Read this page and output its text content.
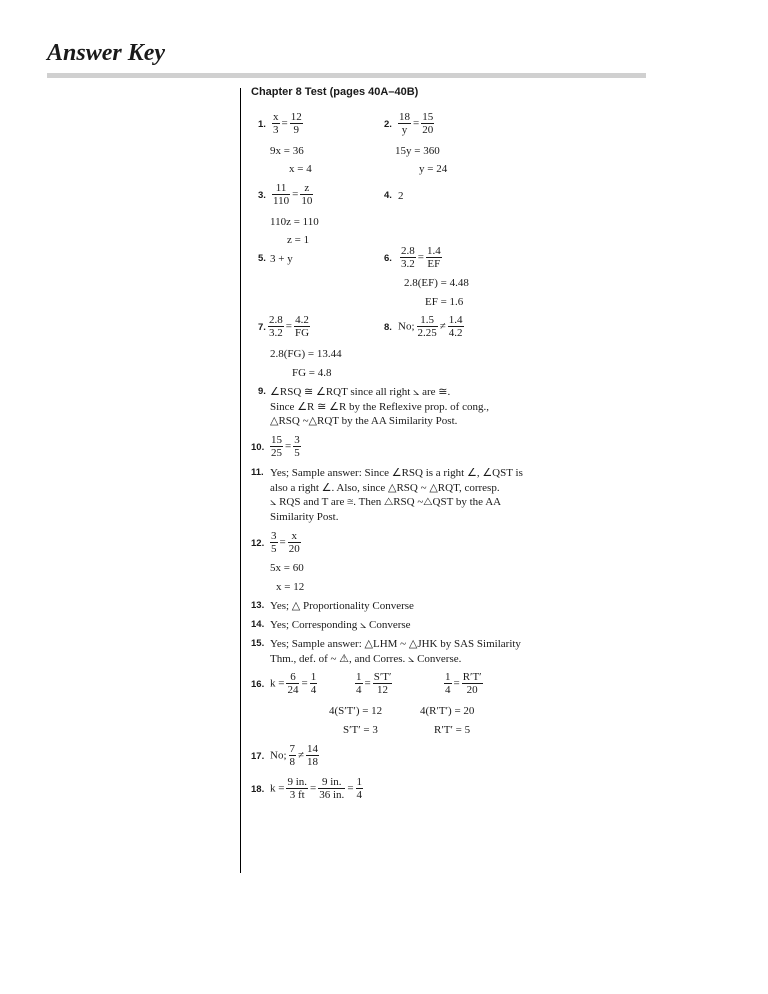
Answer Key
Chapter 8 Test (pages 40A–40B)
1. $\frac{x}{3} = \frac{12}{9}$
9x = 36
x = 4
2. $\frac{18}{y} = \frac{15}{20}$
15y = 360
y = 24
3. $\frac{11}{110} = \frac{z}{10}$
110z = 110
z = 1
4. 2
5. 3 + y	6. $\frac{2.8}{3.2} = \frac{1.4}{EF}$
2.8(EF) = 4.48
EF = 1.6
7. $\frac{2.8}{3.2} = \frac{4.2}{FG}$
2.8(FG) = 13.44
FG = 4.8
8. No; $\frac{1.5}{2.25} \ne \frac{1.4}{4.2}$
9. ∠RSQ ≅ ∠RQT since all right ⦣ are ≅.
Since ∠R ≅ ∠R by the Reflexive prop. of cong.,
△RSQ ~△RQT by the AA Similarity Post.
10. $\frac{15}{25} = \frac{3}{5}$
11. Yes; Sample answer: Since ∠RSQ is a right ∠, ∠QST is
also a right ∠. Also, since △RSQ ~ △RQT, corresp.
⦣ RQS and T are ≅. Then △RSQ ~△QST by the AA
Similarity Post.
12. $\frac{3}{5} = \frac{x}{20}$
5x = 60
x = 12
13. Yes; △ Proportionality Converse
14. Yes; Corresponding ⦣ Converse
15. Yes; Sample answer: △LHM ~ △JHK by SAS Similarity
Thm., def. of ~ ⚠, and Corres. ⦣ Converse.
16. $k = \frac{6}{24} = \frac{1}{4}$	$\frac{1}{4} = \frac{S'T'}{12}$	$\frac{1}{4} = \frac{R'T'}{20}$
4(S′T′) = 12
S′T′ = 3
4(R′T′) = 20
R′T′ = 5
17. No; $\frac{7}{8} \ne \frac{14}{18}$
18. $k = \frac{9 in.}{3 ft} = \frac{9 in.}{36 in.} = \frac{1}{4}$
